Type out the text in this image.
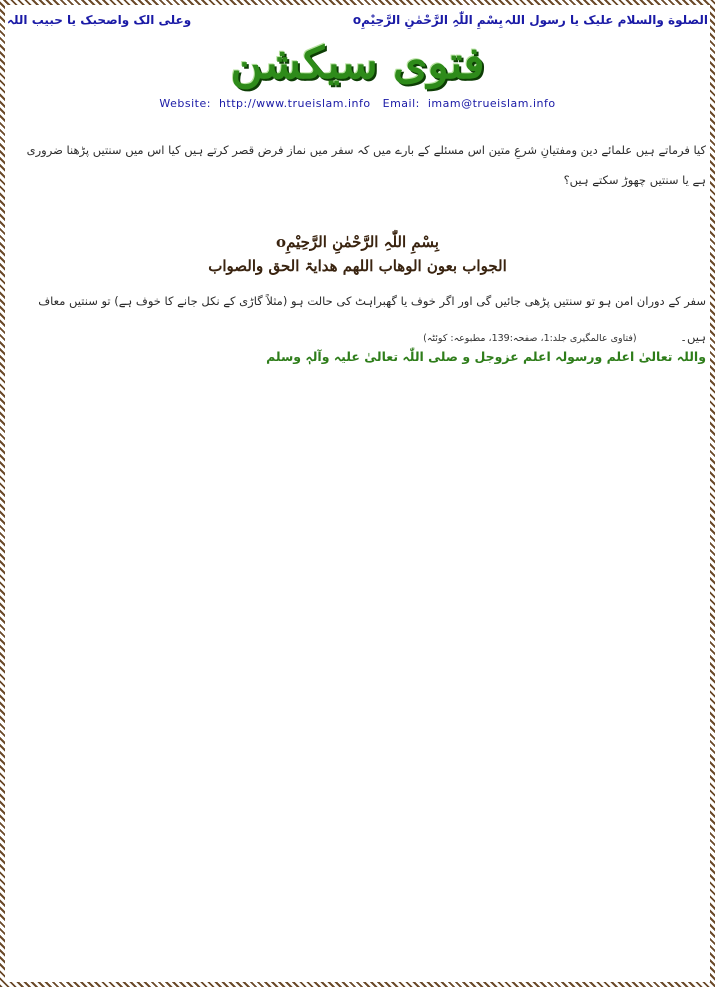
الصلوة والسلام علیک یا رسول اللہ
بِسْمِ اللّٰہِ الرَّحْمٰنِ الرَّحِیْمِo
وعلی الک واصحبک یا حبیب اللہ
فتوی سیکشن
Website: http://www.trueislam.info Email: imam@trueislam.info
کیا فرماتے ہیں علمائے دین ومفتیانِ شرعِ متین اس مسئلے کے بارے میں کہ سفر میں نماز فرض قصر کرتے ہیں کیا اس میں سنتیں پڑھنا ضروری ہے یا سنتیں چھوڑ سکتے ہیں؟
بِسْمِ اللّٰہِ الرَّحْمٰنِ الرَّحِیْمِo
الجواب بعون الوھاب اللھم ھدایۃ الحق والصواب
سفر کے دوران امن ہو تو سنتیں پڑھی جائیں گی اور اگر خوف یا گھبراہٹ کی حالت ہو (مثلاً گاڑی کے نکل جانے کا خوف ہے) تو سنتیں معاف ہیں۔ (فتاوی عالمگیری جلد:1، صفحہ:139، مطبوعہ: کوئٹہ)
واللہ تعالیٰ اعلم ورسولہ اعلم عزوجل و صلی اللّٰہ تعالیٰ علیہ وآلہٖ وسلم
